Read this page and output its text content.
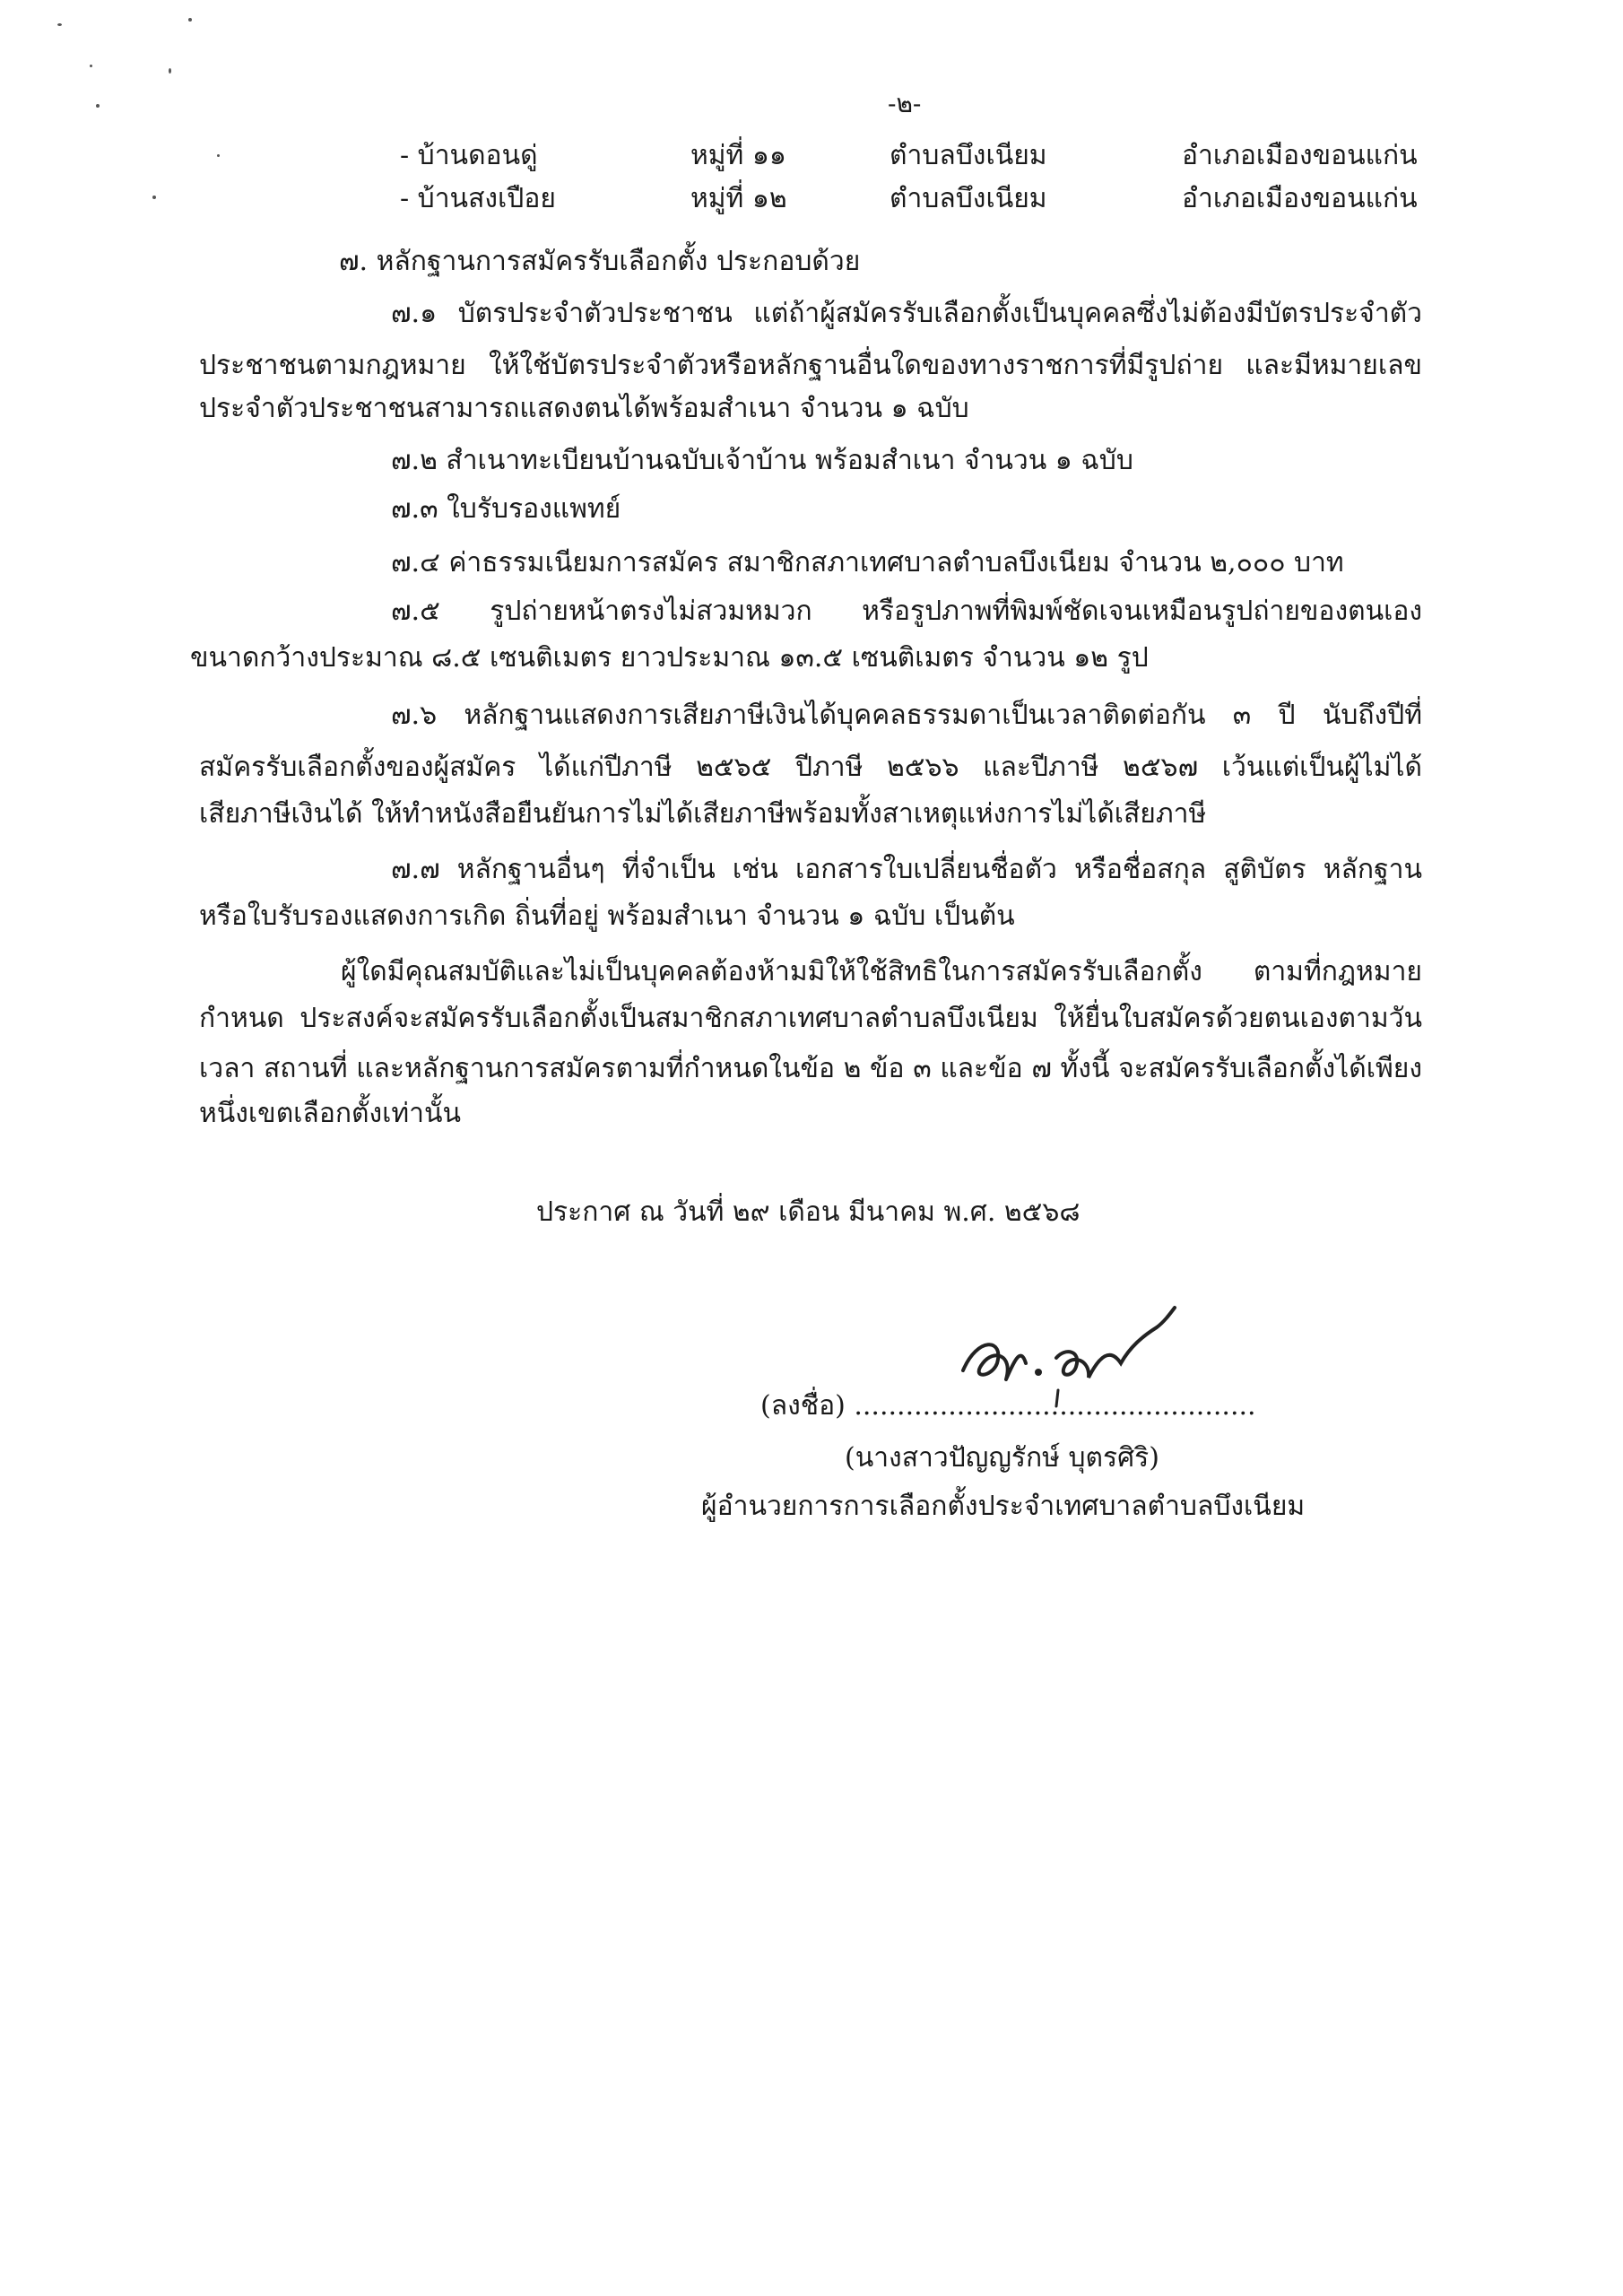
-๒-
- บ้านดอนดู่	หมู่ที่ ๑๑	ตำบลบึงเนียม	อำเภอเมืองขอนแก่น
- บ้านสงเปือย	หมู่ที่ ๑๒	ตำบลบึงเนียม	อำเภอเมืองขอนแก่น
๗. หลักฐานการสมัครรับเลือกตั้ง ประกอบด้วย
๗.๑ บัตรประจำตัวประชาชน แต่ถ้าผู้สมัครรับเลือกตั้งเป็นบุคคลซึ่งไม่ต้องมีบัตรประจำตัว
ประชาชนตามกฎหมาย ให้ใช้บัตรประจำตัวหรือหลักฐานอื่นใดของทางราชการที่มีรูปถ่าย และมีหมายเลข
ประจำตัวประชาชนสามารถแสดงตนได้พร้อมสำเนา จำนวน ๑ ฉบับ
๗.๒ สำเนาทะเบียนบ้านฉบับเจ้าบ้าน พร้อมสำเนา จำนวน ๑ ฉบับ
๗.๓ ใบรับรองแพทย์
๗.๔ ค่าธรรมเนียมการสมัคร สมาชิกสภาเทศบาลตำบลบึงเนียม จำนวน ๒,๐๐๐ บาท
๗.๕ รูปถ่ายหน้าตรงไม่สวมหมวก หรือรูปภาพที่พิมพ์ชัดเจนเหมือนรูปถ่ายของตนเอง
ขนาดกว้างประมาณ ๘.๕ เซนติเมตร ยาวประมาณ ๑๓.๕ เซนติเมตร จำนวน ๑๒ รูป
๗.๖ หลักฐานแสดงการเสียภาษีเงินได้บุคคลธรรมดาเป็นเวลาติดต่อกัน ๓ ปี นับถึงปีที่
สมัครรับเลือกตั้งของผู้สมัคร ได้แก่ปีภาษี ๒๕๖๕ ปีภาษี ๒๕๖๖ และปีภาษี ๒๕๖๗ เว้นแต่เป็นผู้ไม่ได้
เสียภาษีเงินได้ ให้ทำหนังสือยืนยันการไม่ได้เสียภาษีพร้อมทั้งสาเหตุแห่งการไม่ได้เสียภาษี
๗.๗ หลักฐานอื่นๆ ที่จำเป็น เช่น เอกสารใบเปลี่ยนชื่อตัว หรือชื่อสกุล สูติบัตร หลักฐาน
หรือใบรับรองแสดงการเกิด ถิ่นที่อยู่ พร้อมสำเนา จำนวน ๑ ฉบับ เป็นต้น
ผู้ใดมีคุณสมบัติและไม่เป็นบุคคลต้องห้ามมิให้ใช้สิทธิในการสมัครรับเลือกตั้ง ตามที่กฎหมาย
กำหนด ประสงค์จะสมัครรับเลือกตั้งเป็นสมาชิกสภาเทศบาลตำบลบึงเนียม ให้ยื่นใบสมัครด้วยตนเองตามวัน
เวลา สถานที่ และหลักฐานการสมัครตามที่กำหนดในข้อ ๒ ข้อ ๓ และข้อ ๗ ทั้งนี้ จะสมัครรับเลือกตั้งได้เพียง
หนึ่งเขตเลือกตั้งเท่านั้น
ประกาศ ณ วันที่ ๒๙ เดือน มีนาคม พ.ศ. ๒๕๖๘
(ลงชื่อ) ...............................................
(นางสาวปัญญรักษ์ บุตรศิริ)
ผู้อำนวยการการเลือกตั้งประจำเทศบาลตำบลบึงเนียม
